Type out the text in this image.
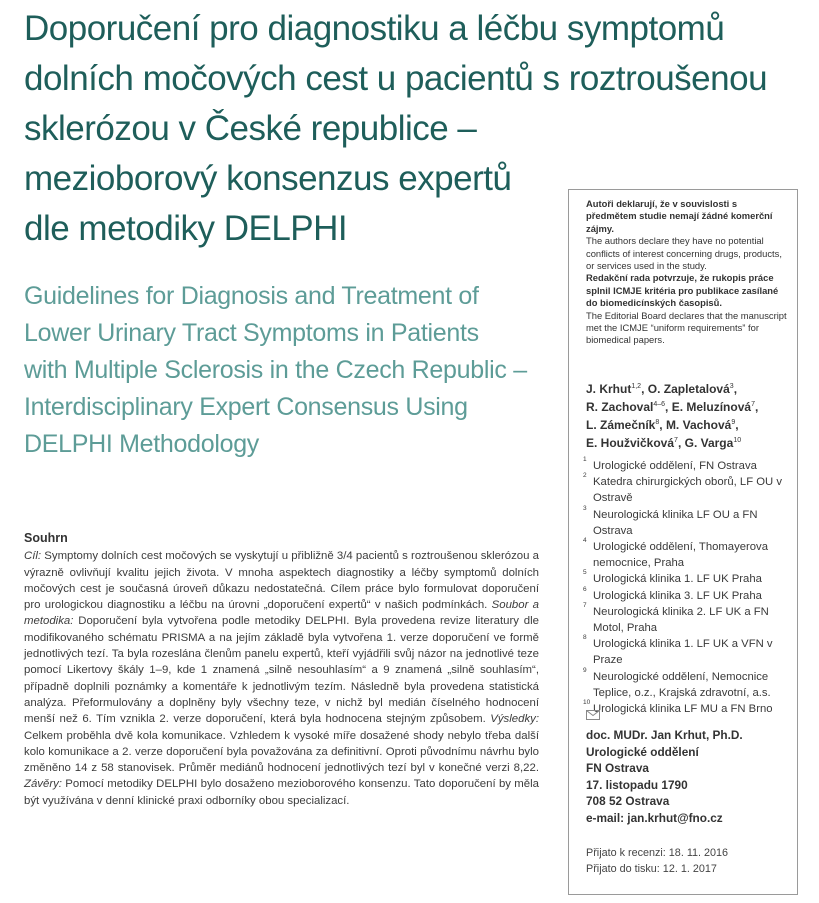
Doporučení pro diagnostiku a léčbu symptomů
dolních močových cest u pacientů s roztroušenou
sklerózou v České republice –
mezioborový konsenzus expertů
dle metodiky DELPHI
Guidelines for Diagnosis and Treatment of
Lower Urinary Tract Symptoms in Patients
with Multiple Sclerosis in the Czech Republic –
Interdisciplinary Expert Consensus Using
DELPHI Methodology
Souhrn
Cíl: Symptomy dolních cest močových se vyskytují u přibližně 3/4 pacientů s roztroušenou sklerózou a výrazně ovlivňují kvalitu jejich života. V mnoha aspektech diagnostiky a léčby symptomů dolních močových cest je současná úroveň důkazu nedostatečná. Cílem práce bylo formulovat doporučení pro urologickou diagnostiku a léčbu na úrovni „doporučení expertů“ v našich podmínkách. Soubor a metodika: Doporučení byla vytvořena podle metodiky DELPHI. Byla provedena revize literatury dle modifikovaného schématu PRISMA a na jejím základě byla vytvořena 1. verze doporučení ve formě jednotlivých tezí. Ta byla rozeslána členům panelu expertů, kteří vyjádřili svůj názor na jednotlivé teze pomocí Likertovy škály 1–9, kde 1 znamená „silně nesouhlasím“ a 9 znamená „silně souhlasím“, případně doplnili poznámky a komentáře k jednotlivým tezím. Následně byla provedena statistická analýza. Přeformulovány a doplněny byly všechny teze, v nichž byl medián číselného hodnocení menší než 6. Tím vznikla 2. verze doporučení, která byla hodnocena stejným způsobem. Výsledky: Celkem proběhla dvě kola komunikace. Vzhledem k vysoké míře dosažené shody nebylo třeba další kolo komunikace a 2. verze doporučení byla považována za definitivní. Oproti původnímu návrhu bylo změněno 14 z 58 stanovisek. Průměr mediánů hodnocení jednotlivých tezí byl v konečné verzi 8,22. Závěry: Pomocí metodiky DELPHI bylo dosaženo mezioborového konsenzu. Tato doporučení by měla být využívána v denní klinické praxi odborníky obou specializací.

Autoři deklarují, že v souvislosti s předmětem studie nemají žádné komerční zájmy.

The authors declare they have no potential conflicts of interest concerning drugs, products, or services used in the study.

Redakční rada potvrzuje, že rukopis práce splnil ICMJE kritéria pro publikace zasílané do biomedicínských časopisů.

The Editorial Board declares that the manuscript met the ICMJE “uniform requirements” for biomedical papers.

J. Krhut$^{1,2}$, O. Zapletalová$^3$,
R. Zachoval$^{4-6}$, E. Meluzínová$^7$,
L. Zámečník$^8$, M. Vachová$^9$,
E. Houžvičková$^7$, G. Varga$^{10}$
1
Urologické oddělení, FN Ostrava
2
Katedra chirurgických oborů, LF OU v Ostravě
3
Neurologická klinika LF OU a FN Ostrava
4
Urologické oddělení, Thomayerova nemocnice, Praha
5
Urologická klinika 1. LF UK Praha
6
Urologická klinika 3. LF UK Praha
7
Neurologická klinika 2. LF UK a FN Motol, Praha
8
Urologická klinika 1. LF UK a VFN v Praze
9
Neurologické oddělení, Nemocnice Teplice, o.z., Krajská zdravotní, a.s.
10
Urologická klinika LF MU a FN Brno
doc. MUDr. Jan Krhut, Ph.D.
Urologické oddělení
FN Ostrava
17. listopadu 1790
708 52 Ostrava
e-mail: jan.krhut@fno.cz
Přijato k recenzi: 18. 11. 2016
Přijato do tisku: 12. 1. 2017
